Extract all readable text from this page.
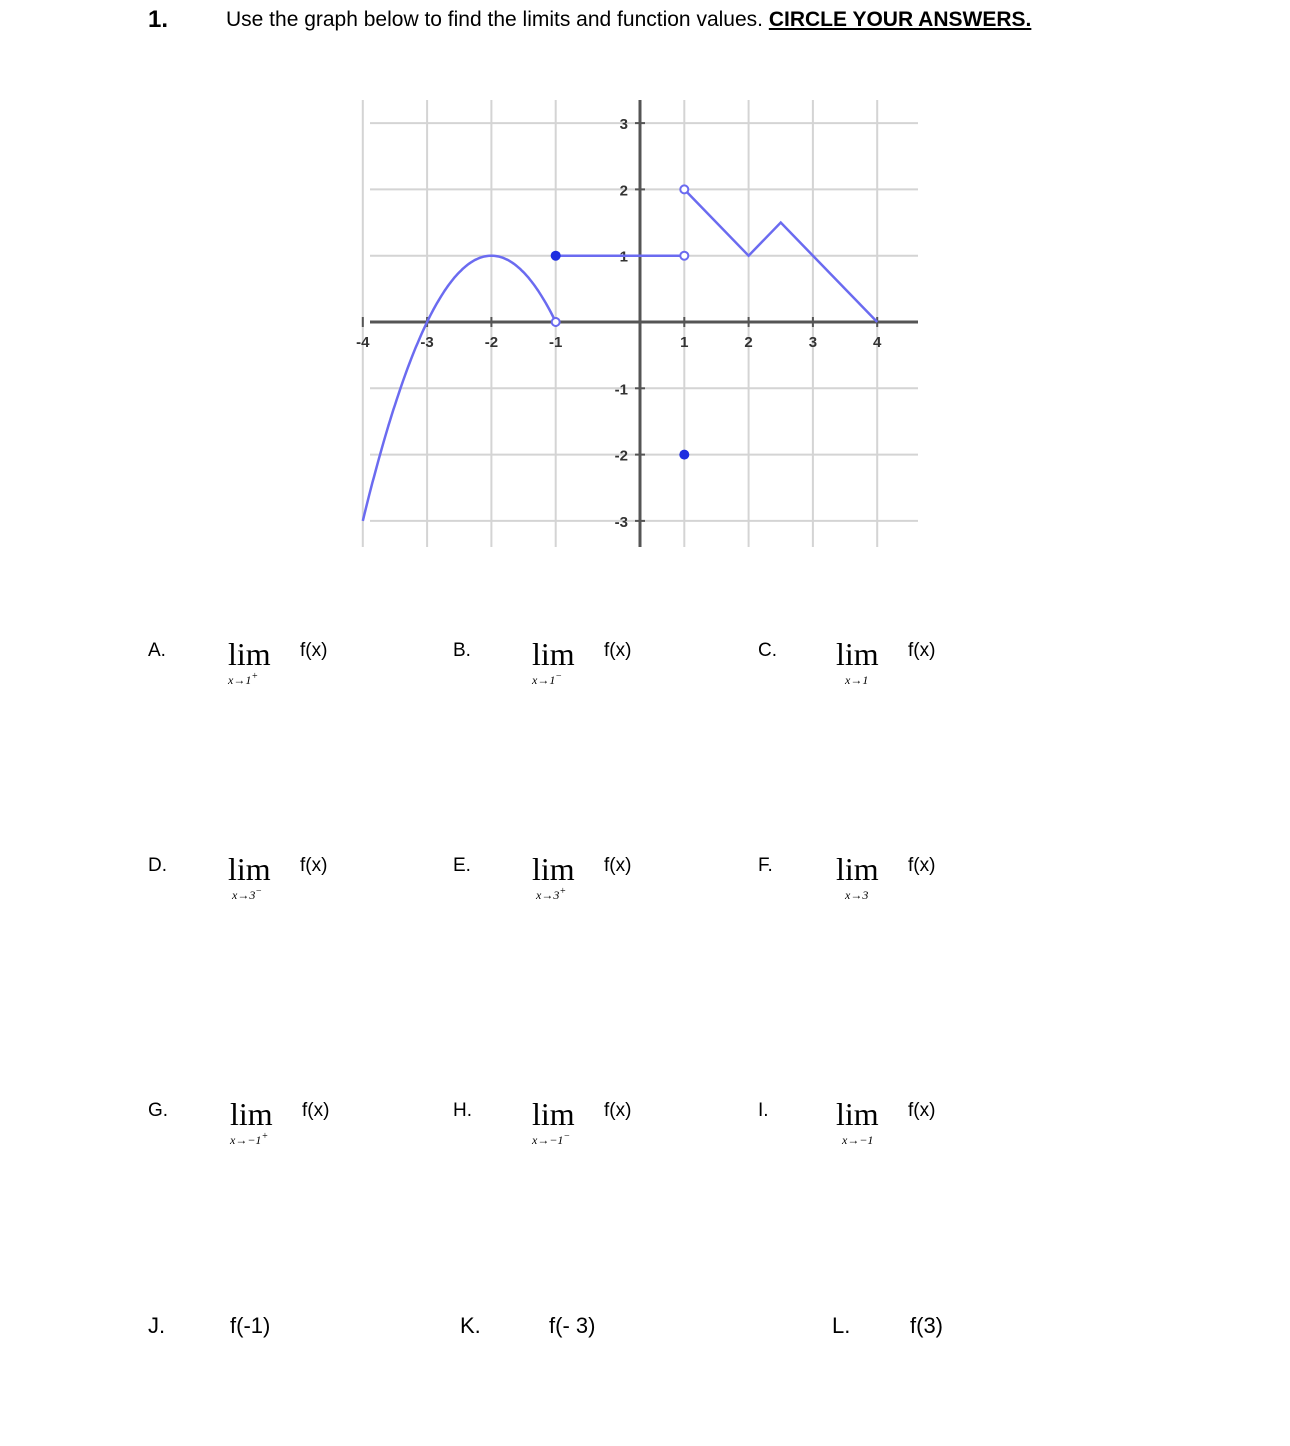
1.	Use the graph below to find the limits and function values. CIRCLE YOUR ANSWERS.
-4	-3	-2	-1	1	2	3	4
3
2
1
-1
-2
-3
A. lim
x→1+
f(x)	B. lim
x→1−
f(x)	C. lim
x→1
f(x)
D. lim
x→3−
f(x)	E. lim
x→3+
f(x)	F. lim
x→3
f(x)
G. lim
x→−1+
f(x)	H. lim
x→−1−
f(x)	I. lim
x→−1
f(x)
J.	f(-1)	K.	f(- 3)	L.	f(3)
